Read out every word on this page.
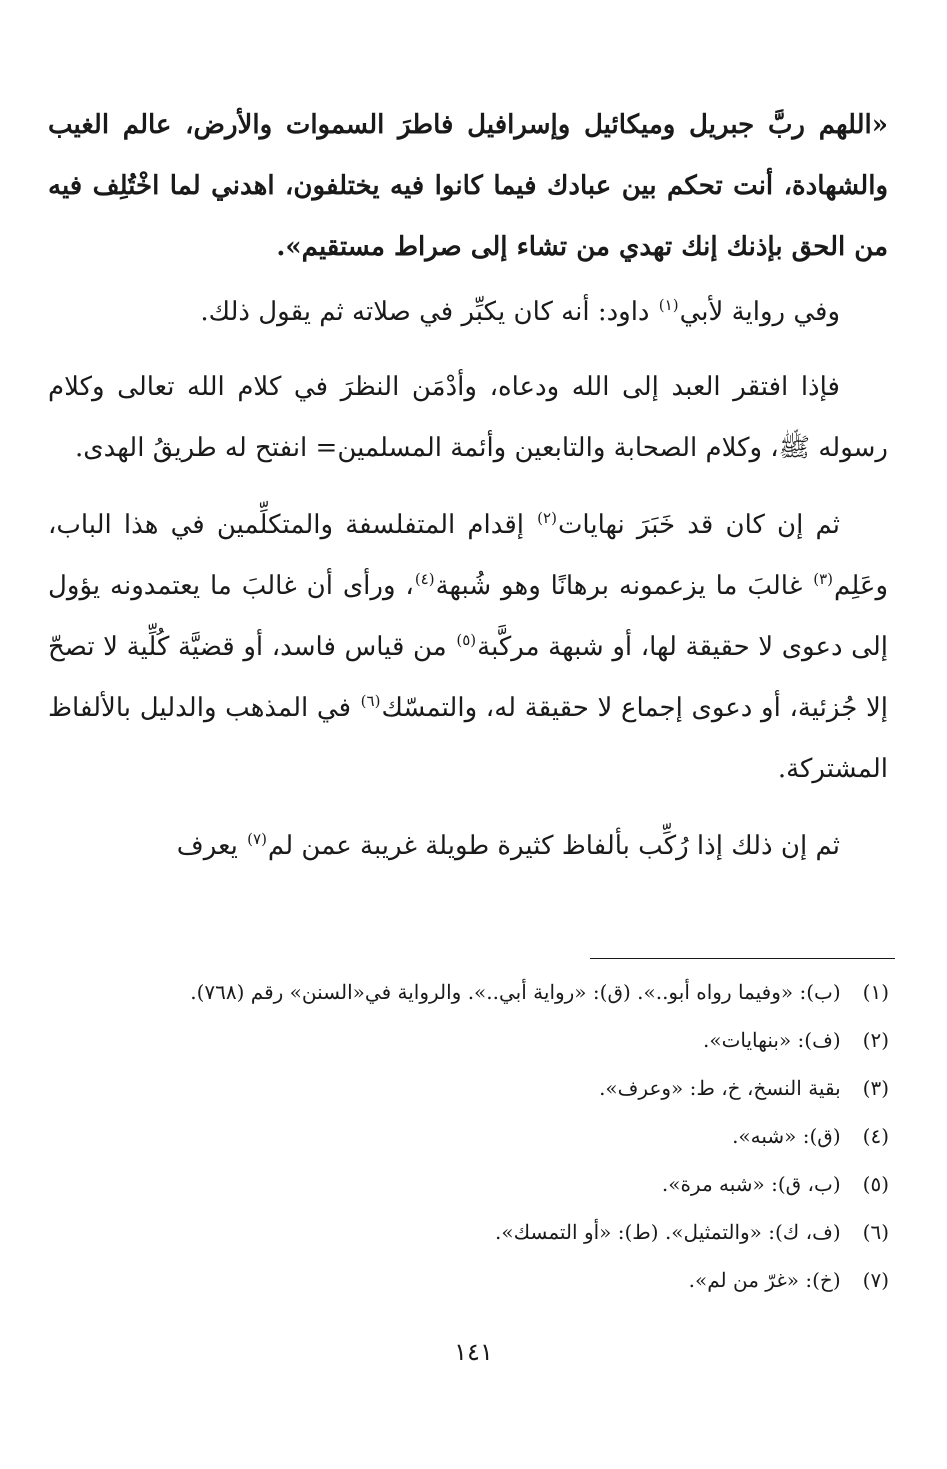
«اللهم ربَّ جبريل وميكائيل وإسرافيل فاطرَ السموات والأرض، عالم الغيب والشهادة، أنت تحكم بين عبادك فيما كانوا فيه يختلفون، اهدني لما اخْتُلِف فيه من الحق بإذنك إنك تهدي من تشاء إلى صراط مستقيم».

وفي رواية لأبي$^{(١)}$ داود: أنه كان يكبِّر في صلاته ثم يقول ذلك.

فإذا افتقر العبد إلى الله ودعاه، وأدْمَن النظرَ في كلام الله تعالى وكلام رسوله ﷺ، وكلام الصحابة والتابعين وأئمة المسلمين= انفتح له طريقُ الهدى.

ثم إن كان قد خَبَرَ نهايات$^{(٢)}$ إقدام المتفلسفة والمتكلِّمين في هذا الباب، وعَلِم$^{(٣)}$ غالبَ ما يزعمونه برهانًا وهو شُبهة$^{(٤)}$، ورأى أن غالبَ ما يعتمدونه يؤول إلى دعوى لا حقيقة لها، أو شبهة مركَّبة$^{(٥)}$ من قياس فاسد، أو قضيَّة كُلِّية لا تصحّ إلا جُزئية، أو دعوى إجماع لا حقيقة له، والتمسّك$^{(٦)}$ في المذهب والدليل بالألفاظ المشتركة.

ثم إن ذلك إذا رُكِّب بألفاظ كثيرة طويلة غريبة عمن لم$^{(٧)}$ يعرف

(١) (ب): «وفيما رواه أبو..». (ق): «رواية أبي..». والرواية في«السنن» رقم (٧٦٨).
(٢) (ف): «بنهايات».
(٣) بقية النسخ، خ، ط: «وعرف».
(٤) (ق): «شبه».
(٥) (ب، ق): «شبه مرة».
(٦) (ف، ك): «والتمثيل». (ط): «أو التمسك».
(٧) (خ): «غرّ من لم».
١٤١
